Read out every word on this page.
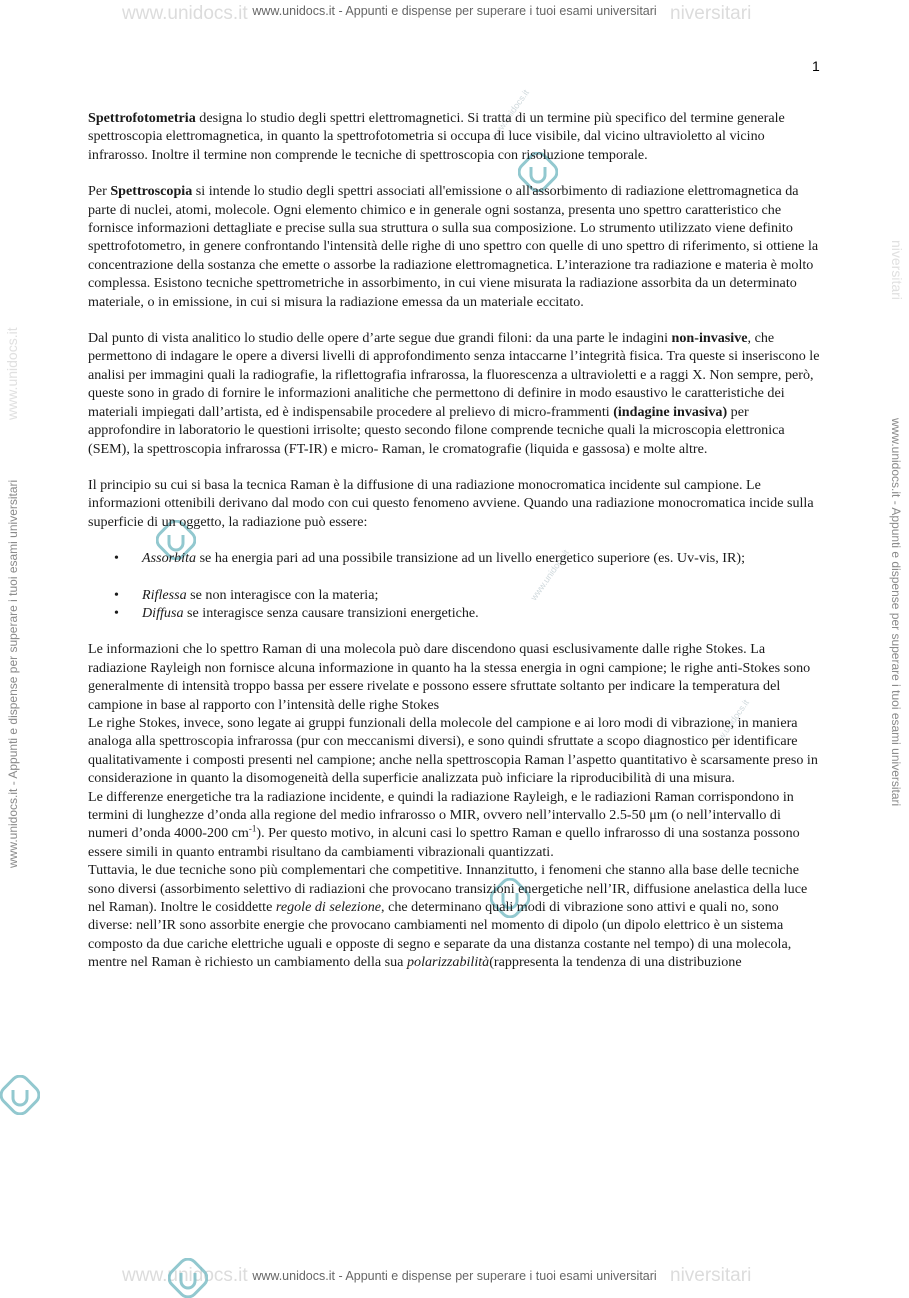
www.unidocs.it	niversitari
www.unidocs.it	niversitari
www.unidocs.it - Appunti e dispense per superare i tuoi esami universitari
www.unidocs.it - Appunti e dispense per superare i tuoi esami universitari
www.unidocs.it - Appunti e dispense per superare i tuoi esami universitari	www.unidocs.it - Appunti e dispense per superare i tuoi esami universitari
www.unidocs.it
niversitari
www.unidocs.it
www.unidocs.it
www.unidocs.it
1

Spettrofotometria designa lo studio degli spettri elettromagnetici. Si tratta di un termine più specifico del termine generale spettroscopia elettromagnetica, in quanto la spettrofotometria si occupa di luce visibile, dal vicino ultravioletto al vicino infrarosso. Inoltre il termine non comprende le tecniche di spettroscopia con risoluzione temporale.

Per Spettroscopia si intende lo studio degli spettri associati all'emissione o all'assorbimento di radiazione elettromagnetica da parte di nuclei, atomi, molecole. Ogni elemento chimico e in generale ogni sostanza, presenta uno spettro caratteristico che fornisce informazioni dettagliate e precise sulla sua struttura o sulla sua composizione. Lo strumento utilizzato viene definito spettrofotometro, in genere confrontando l'intensità delle righe di uno spettro con quelle di uno spettro di riferimento, si ottiene la concentrazione della sostanza che emette o assorbe la radiazione elettromagnetica. L’interazione tra radiazione e materia è molto complessa. Esistono tecniche spettrometriche in assorbimento, in cui viene misurata la radiazione assorbita da un determinato materiale, o in emissione, in cui si misura la radiazione emessa da un materiale eccitato.

Dal punto di vista analitico lo studio delle opere d’arte segue due grandi filoni: da una parte le indagini non-invasive, che permettono di indagare le opere a diversi livelli di approfondimento senza intaccarne l’integrità fisica. Tra queste si inseriscono le analisi per immagini quali la radiografie, la riflettografia infrarossa, la fluorescenza a ultravioletti e a raggi X. Non sempre, però, queste sono in grado di fornire le informazioni analitiche che permettono di definire in modo esaustivo le caratteristiche dei materiali impiegati dall’artista, ed è indispensabile procedere al prelievo di micro-frammenti (indagine invasiva) per approfondire in laboratorio le questioni irrisolte; questo secondo filone comprende tecniche quali la microscopia elettronica (SEM), la spettroscopia infrarossa (FT-IR) e micro- Raman, le cromatografie (liquida e gassosa) e molte altre.

Il principio su cui si basa la tecnica Raman è la diffusione di una radiazione monocromatica incidente sul campione. Le informazioni ottenibili derivano dal modo con cui questo fenomeno avviene. Quando una radiazione monocromatica incide sulla superficie di un oggetto, la radiazione può essere:

• Assorbita se ha energia pari ad una possibile transizione ad un livello energetico superiore (es. Uv-vis, IR);
• Riflessa se non interagisce con la materia;
• Diffusa se interagisce senza causare transizioni energetiche.

Le informazioni che lo spettro Raman di una molecola può dare discendono quasi esclusivamente dalle righe Stokes. La radiazione Rayleigh non fornisce alcuna informazione in quanto ha la stessa energia in ogni campione; le righe anti-Stokes sono generalmente di intensità troppo bassa per essere rivelate e possono essere sfruttate soltanto per indicare la temperatura del campione in base al rapporto con l’intensità delle righe Stokes

Le righe Stokes, invece, sono legate ai gruppi funzionali della molecole del campione e ai loro modi di vibrazione, in maniera analoga alla spettroscopia infrarossa (pur con meccanismi diversi), e sono quindi sfruttate a scopo diagnostico per identificare qualitativamente i composti presenti nel campione; anche nella spettroscopia Raman l’aspetto quantitativo è scarsamente preso in considerazione in quanto la disomogeneità della superficie analizzata può inficiare la riproducibilità di una misura.

Le differenze energetiche tra la radiazione incidente, e quindi la radiazione Rayleigh, e le radiazioni Raman corrispondono in termini di lunghezze d’onda alla regione del medio infrarosso o MIR, ovvero nell’intervallo 2.5-50 μm (o nell’intervallo di numeri d’onda 4000-200 $cm^{-1}$). Per questo motivo, in alcuni casi lo spettro Raman e quello infrarosso di una sostanza possono essere simili in quanto entrambi risultano da cambiamenti vibrazionali quantizzati.

Tuttavia, le due tecniche sono più complementari che competitive. Innanzitutto, i fenomeni che stanno alla base delle tecniche sono diversi (assorbimento selettivo di radiazioni che provocano transizioni energetiche nell’IR, diffusione anelastica della luce nel Raman). Inoltre le cosiddette regole di selezione, che determinano quali modi di vibrazione sono attivi e quali no, sono diverse: nell’IR sono assorbite energie che provocano cambiamenti nel momento di dipolo (un dipolo elettrico è un sistema composto da due cariche elettriche uguali e opposte di segno e separate da una distanza costante nel tempo) di una molecola, mentre nel Raman è richiesto un cambiamento della sua polarizzabilità(rappresenta la tendenza di una distribuzione
